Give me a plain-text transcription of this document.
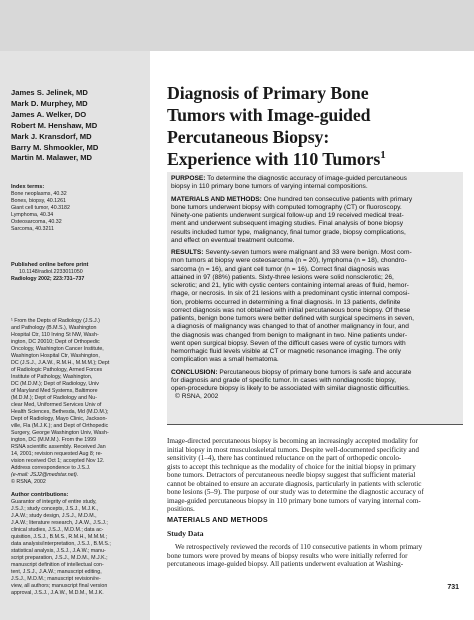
James S. Jelinek, MD
Mark D. Murphey, MD
James A. Welker, DO
Robert M. Henshaw, MD
Mark J. Kransdorf, MD
Barry M. Shmookler, MD
Martin M. Malawer, MD
Index terms:
Bone neoplasms, 40.32
Bones, biopsy, 40.1261
Giant cell tumor, 40.3182
Lymphoma, 40.34
Osteosarcoma, 40.32
Sarcoma, 40.3211
Published online before print
10.1148/radiol.2233011050
Radiology 2002; 223:731–737
¹ From the Depts of Radiology (J.S.J.)
and Pathology (B.M.S.), Washington
Hospital Ctr, 110 Irving St NW, Wash-
ington, DC 20010; Dept of Orthopedic
Oncology, Washington Cancer Institute,
Washington Hospital Ctr, Washington,
DC (J.S.J., J.A.W., R.M.H., M.M.M.); Dept
of Radiologic Pathology, Armed Forces
Institute of Pathology, Washington,
DC (M.D.M.); Dept of Radiology, Univ
of Maryland Med Systems, Baltimore
(M.D.M.); Dept of Radiology and Nu-
clear Med, Uniformed Services Univ of
Health Sciences, Bethesda, Md (M.D.M.);
Dept of Radiology, Mayo Clinic, Jackson-
ville, Fla (M.J.K.); and Dept of Orthopedic
Surgery, George Washington Univ, Wash-
ington, DC (M.M.M.). From the 1999
RSNA scientific assembly. Received Jan
14, 2001; revision requested Aug 8; re-
vision received Oct 1; accepted Nov 12.
Address correspondence to J.S.J.
(e-mail: JSJ2@medstar.net).
© RSNA, 2002
Author contributions:
Guarantor of integrity of entire study,
J.S.J.; study concepts, J.S.J., M.J.K.,
J.A.W.; study design, J.S.J., M.D.M.,
J.A.W.; literature research, J.A.W., J.S.J.;
clinical studies, J.S.J., M.D.M.; data ac-
quisition, J.S.J., B.M.S., R.M.H., M.M.M.;
data analysis/interpretation, J.S.J., B.M.S.;
statistical analysis, J.S.J., J.A.W.; manu-
script preparation, J.S.J., M.D.M., M.J.K.;
manuscript definition of intellectual con-
tent, J.S.J., J.A.W.; manuscript editing,
J.S.J., M.D.M.; manuscript revision/re-
view, all authors; manuscript final version
approval, J.S.J., J.A.W., M.D.M., M.J.K.
Diagnosis of Primary Bone
Tumors with Image-guided
Percutaneous Biopsy:
Experience with 110 Tumors$^1$
PURPOSE: To determine the diagnostic accuracy of image-guided percutaneous
biopsy in 110 primary bone tumors of varying internal compositions.
MATERIALS AND METHODS: One hundred ten consecutive patients with primary
bone tumors underwent biopsy with computed tomography (CT) or fluoroscopy.
Ninety-one patients underwent surgical follow-up and 19 received medical treat-
ment and underwent subsequent imaging studies. Final analysis of bone biopsy
results included tumor type, malignancy, final tumor grade, biopsy complications,
and effect on eventual treatment outcome.
RESULTS: Seventy-seven tumors were malignant and 33 were benign. Most com-
mon tumors at biopsy were osteosarcoma (n = 20), lymphoma (n = 18), chondro-
sarcoma (n = 16), and giant cell tumor (n = 16). Correct final diagnosis was
attained in 97 (88%) patients. Sixty-three lesions were solid nonsclerotic; 26,
sclerotic; and 21, lytic with cystic centers containing internal areas of fluid, hemor-
rhage, or necrosis. In six of 21 lesions with a predominant cystic internal composi-
tion, problems occurred in determining a final diagnosis. In 13 patients, definite
correct diagnosis was not obtained with initial percutaneous bone biopsy. Of these
patients, benign bone tumors were better defined with surgical specimens in seven,
a diagnosis of malignancy was changed to that of another malignancy in four, and
the diagnosis was changed from benign to malignant in two. Nine patients under-
went open surgical biopsy. Seven of the difficult cases were of cystic tumors with
hemorrhagic fluid levels visible at CT or magnetic resonance imaging. The only
complication was a small hematoma.
CONCLUSION: Percutaneous biopsy of primary bone tumors is safe and accurate
for diagnosis and grade of specific tumor. In cases with nondiagnostic biopsy,
open-procedure biopsy is likely to be associated with similar diagnostic difficulties.
© RSNA, 2002
Image-directed percutaneous biopsy is becoming an increasingly accepted modality for
initial biopsy in most musculoskeletal tumors. Despite well-documented specificity and
sensitivity (1–4), there has continued reluctance on the part of orthopedic oncolo-
gists to accept this technique as the modality of choice for the initial biopsy in primary
bone tumors. Detractors of percutaneous needle biopsy suggest that sufficient material
cannot be obtained to ensure an accurate diagnosis, particularly in patients with sclerotic
bone lesions (5–9). The purpose of our study was to determine the diagnostic accuracy of
image-guided percutaneous biopsy in 110 primary bone tumors of varying internal com-
positions.
MATERIALS AND METHODS
Study Data
We retrospectively reviewed the records of 110 consecutive patients in whom primary
bone tumors were proved by means of biopsy results who were initially referred for
percutaneous image-guided biopsy. All patients underwent evaluation at Washing-
731
